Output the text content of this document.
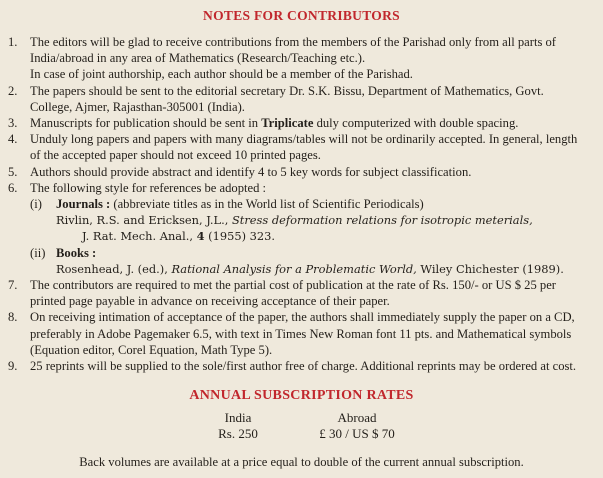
NOTES FOR CONTRIBUTORS
1. The editors will be glad to receive contributions from the members of the Parishad only from all parts of
India/abroad in any area of Mathematics (Research/Teaching etc.).
In case of joint authorship, each author should be a member of the Parishad.
2. The papers should be sent to the editorial secretary Dr. S.K. Bissu, Department of Mathematics, Govt.
College, Ajmer, Rajasthan-305001 (India).
3. Manuscripts for publication should be sent in Triplicate duly computerized with double spacing.
4. Unduly long papers and papers with many diagrams/tables will not be ordinarily accepted. In general, length
of the accepted paper should not exceed 10 printed pages.
5. Authors should provide abstract and identify 4 to 5 key words for subject classification.
6. The following style for references be adopted :
(i) Journals : (abbreviate titles as in the World list of Scientific Periodicals)
Rivlin, R.S. and Ericksen, J.L., Stress deformation relations for isotropic meterials,
J. Rat. Mech. Anal., 4 (1955) 323.
(ii) Books :
Rosenhead, J. (ed.), Rational Analysis for a Problematic World, Wiley Chichester (1989).
7. The contributors are required to met the partial cost of publication at the rate of Rs. 150/- or US $ 25 per
printed page payable in advance on receiving acceptance of their paper.
8. On receiving intimation of acceptance of the paper, the authors shall immediately supply the paper on a CD,
preferably in Adobe Pagemaker 6.5, with text in Times New Roman font 11 pts. and Mathematical symbols
(Equation editor, Corel Equation, Math Type 5).
9. 25 reprints will be supplied to the sole/first author free of charge. Additional reprints may be ordered at cost.
ANNUAL SUBSCRIPTION RATES
India
Rs. 250
Abroad
£ 30 / US $ 70
Back volumes are available at a price equal to double of the current annual subscription.
